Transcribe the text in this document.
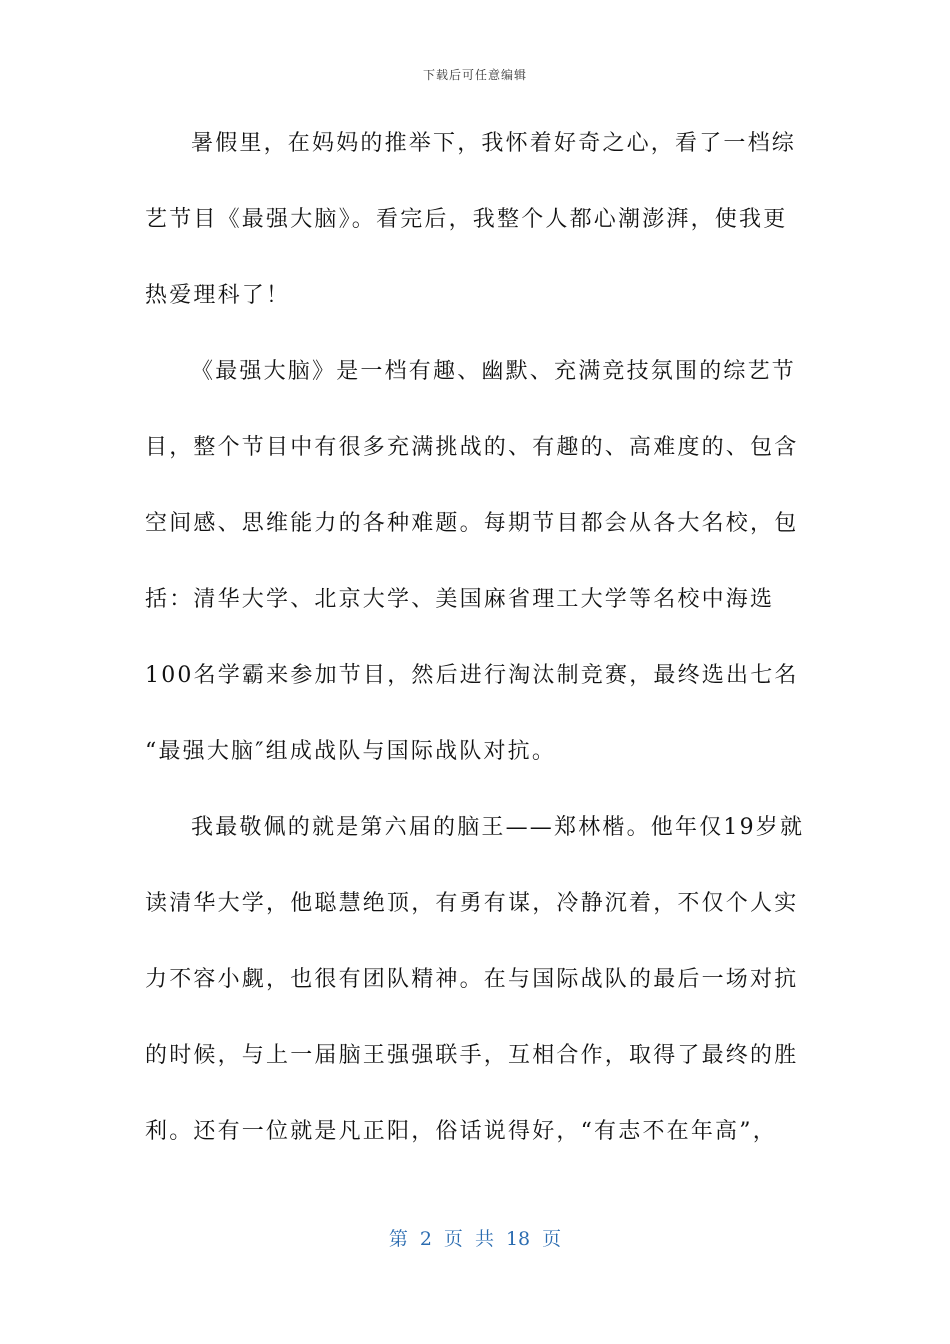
下载后可任意编辑
暑假里，在妈妈的推举下，我怀着好奇之心，看了一档综
艺节目《最强大脑》。看完后，我整个人都心潮澎湃，使我更
热爱理科了！
《最强大脑》是一档有趣、幽默、充满竞技氛围的综艺节
目，整个节目中有很多充满挑战的、有趣的、高难度的、包含
空间感、思维能力的各种难题。每期节目都会从各大名校，包
括：清华大学、北京大学、美国麻省理工大学等名校中海选
100名学霸来参加节目，然后进行淘汰制竞赛，最终选出七名
“最强大脑″组成战队与国际战队对抗。
我最敬佩的就是第六届的脑王——郑林楷。他年仅19岁就
读清华大学，他聪慧绝顶，有勇有谋，冷静沉着，不仅个人实
力不容小觑，也很有团队精神。在与国际战队的最后一场对抗
的时候，与上一届脑王强强联手，互相合作，取得了最终的胜
利。还有一位就是凡正阳，俗话说得好，“有志不在年高”，
第 2 页 共 18 页
